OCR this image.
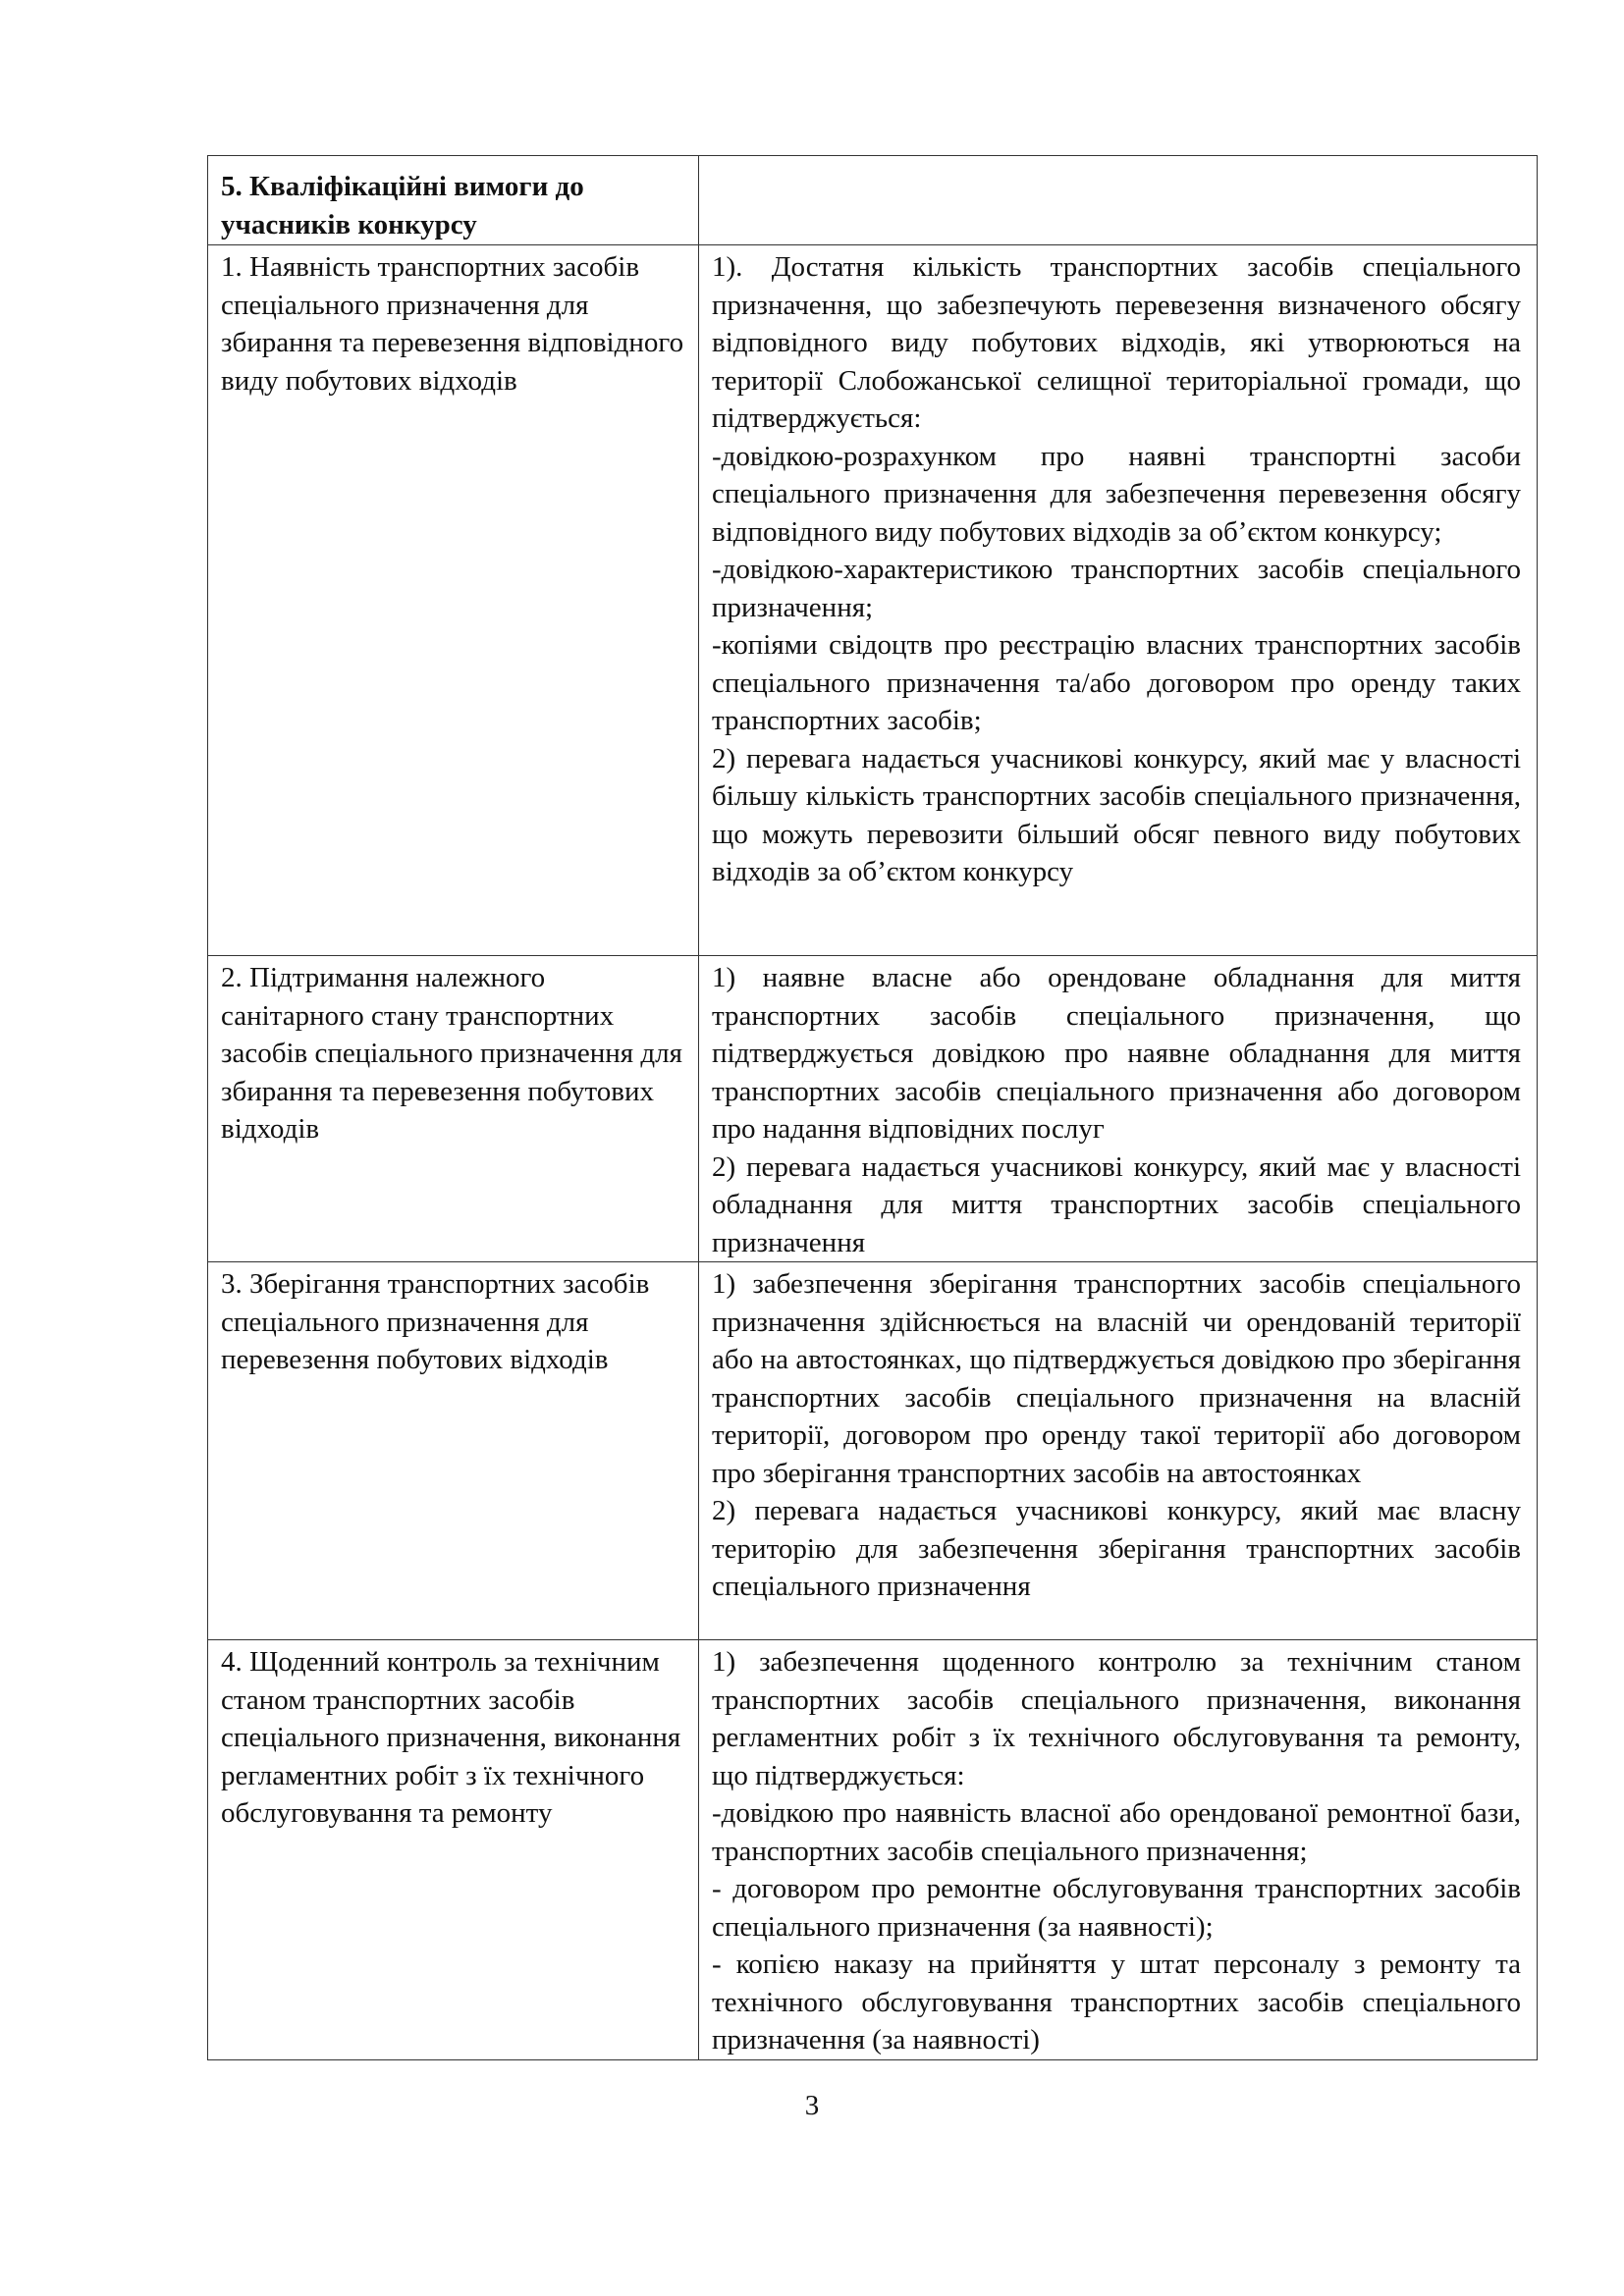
5. Кваліфікаційні вимоги до учасників конкурсу	
1. Наявність транспортних засобів спеціального призначення для збирання та перевезення відповідного виду побутових відходів	1). Достатня кількість транспортних засобів спеціального призначення, що забезпечують перевезення визначеного обсягу відповідного виду побутових відходів, які утворюються на території Слобожанської селищної територіальної громади, що підтверджується:
-довідкою-розрахунком про наявні транспортні засоби спеціального призначення для забезпечення перевезення обсягу відповідного виду побутових відходів за об’єктом конкурсу;
-довідкою-характеристикою транспортних засобів спеціального призначення;
-копіями свідоцтв про реєстрацію власних транспортних засобів спеціального призначення та/або договором про оренду таких транспортних засобів;
2) перевага надається учасникові конкурсу, який має у власності більшу кількість транспортних засобів спеціального призначення, що можуть перевозити більший обсяг певного виду побутових відходів за об’єктом конкурсу

2. Підтримання належного санітарного стану транспортних засобів спеціального призначення для збирання та перевезення побутових відходів	1) наявне власне або орендоване обладнання для миття транспортних засобів спеціального призначення, що підтверджується довідкою про наявне обладнання для миття транспортних засобів спеціального призначення або договором про надання відповідних послуг
2) перевага надається учасникові конкурсу, який має у власності обладнання для миття транспортних засобів спеціального призначення

3. Зберігання транспортних засобів спеціального призначення для перевезення побутових відходів	1) забезпечення зберігання транспортних засобів спеціального призначення здійснюється на власній чи орендованій території або на автостоянках, що підтверджується довідкою про зберігання транспортних засобів спеціального призначення на власній території, договором про оренду такої території або договором про зберігання транспортних засобів на автостоянках
2) перевага надається учасникові конкурсу, який має власну територію для забезпечення зберігання транспортних засобів спеціального призначення

4. Щоденний контроль за технічним станом транспортних засобів спеціального призначення, виконання регламентних робіт з їх технічного обслуговування та ремонту	1) забезпечення щоденного контролю за технічним станом транспортних засобів спеціального призначення, виконання регламентних робіт з їх технічного обслуговування та ремонту, що підтверджується:
-довідкою про наявність власної або орендованої ремонтної бази, транспортних засобів спеціального призначення;
- договором про ремонтне обслуговування транспортних засобів спеціального призначення (за наявності);
- копією наказу на прийняття у штат персоналу з ремонту та технічного обслуговування транспортних засобів спеціального призначення (за наявності)
3
